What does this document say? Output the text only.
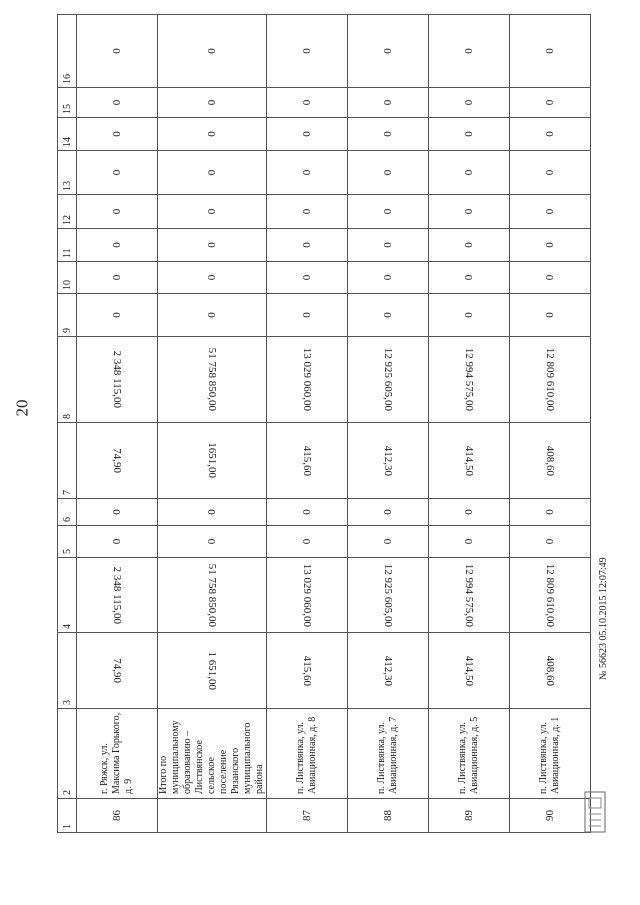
20
1	2	3	4	5	6	7	8	9	10	11	12	13	14	15	16
86	г. Ряжск, ул. Максима Горького, д. 9	74,90	2 348 115,00	0	0	74,90	2 348 115,00	0	0	0	0	0	0	0	0
	Итого по муниципальному образованию – Листвянское сельское поселение Рязанского муниципального района	1 651,00	51 758 850,00	0	0	1651,00	51 758 850,00	0	0	0	0	0	0	0	0
87	п. Листвянка, ул. Авиационная, д. 8	415,60	13 029 060,00	0	0	415,60	13 029 060,00	0	0	0	0	0	0	0	0
88	п. Листвянка, ул. Авиационная, д. 7	412,30	12 925 605,00	0	0	412,30	12 925 605,00	0	0	0	0	0	0	0	0
89	п. Листвянка, ул. Авиационная, д. 5	414,50	12 994 575,00	0	0	414,50	12 994 575,00	0	0	0	0	0	0	0	0
90	п. Листвянка, ул. Авиационная, д. 1	408,60	12 809 610,00	0	0	408,60	12 809 610,00	0	0	0	0	0	0	0	0
№ 56623 05.10.2015 12:07:49
